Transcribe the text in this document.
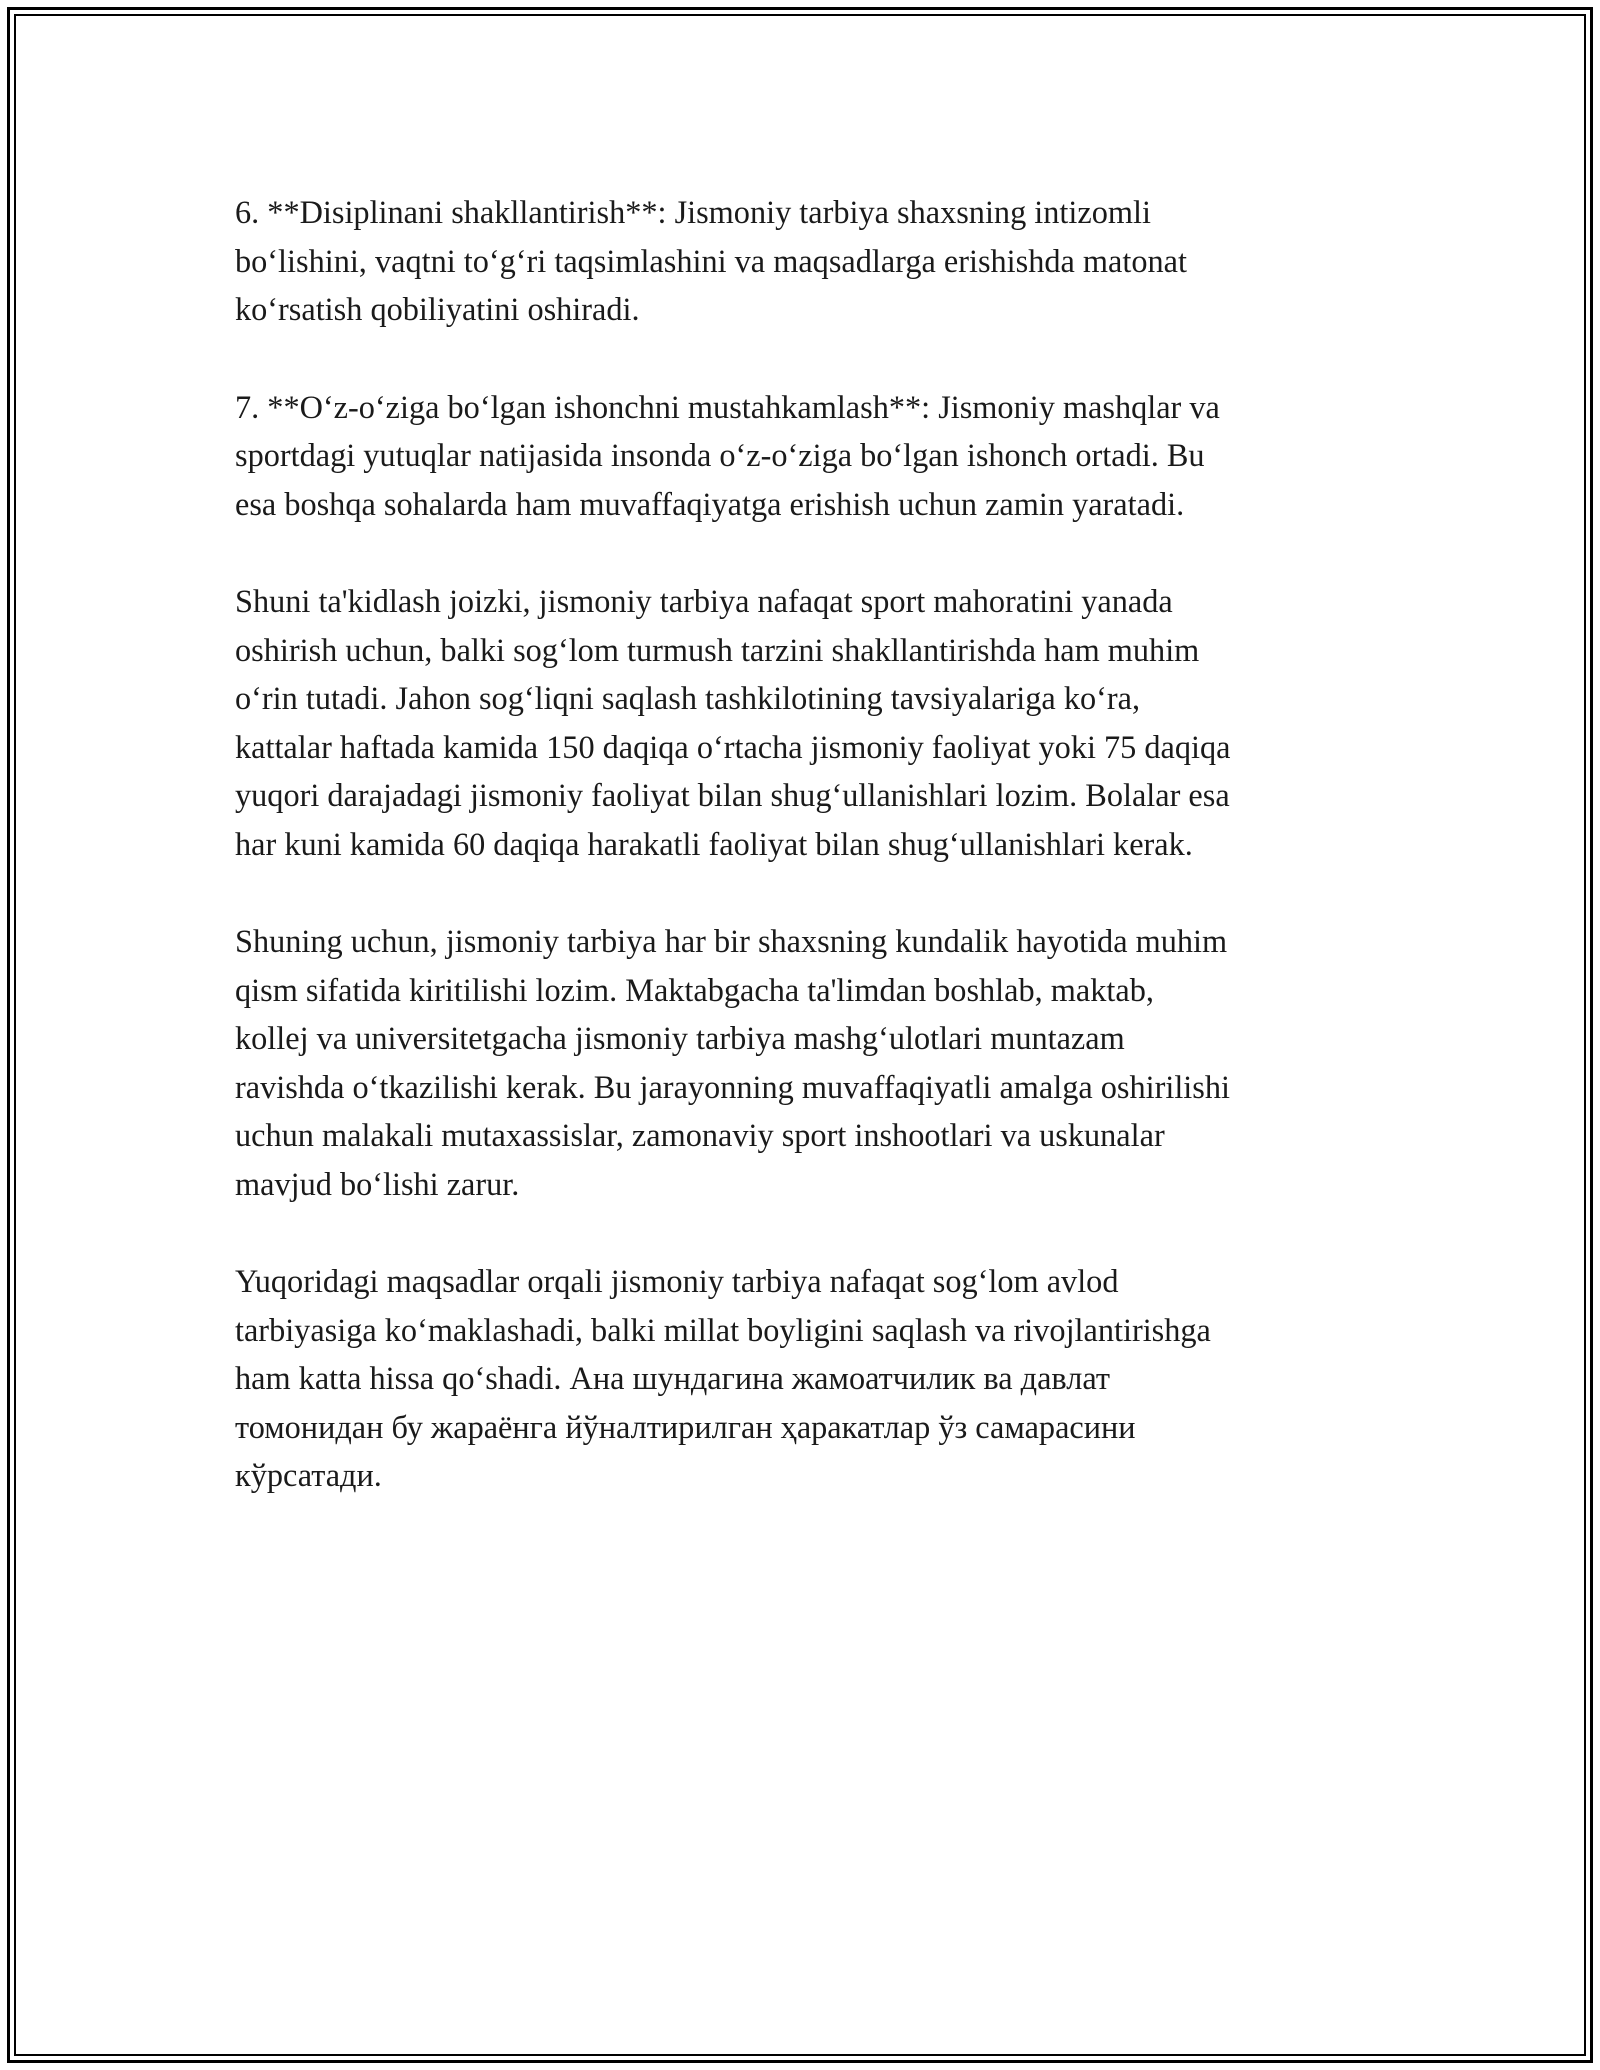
6. **Disiplinani shakllantirish**: Jismoniy tarbiya shaxsning intizomli
boʻlishini, vaqtni toʻgʻri taqsimlashini va maqsadlarga erishishda matonat
koʻrsatish qobiliyatini oshiradi.

7. **Oʻz-oʻziga boʻlgan ishonchni mustahkamlash**: Jismoniy mashqlar va
sportdagi yutuqlar natijasida insonda oʻz-oʻziga boʻlgan ishonch ortadi. Bu
esa boshqa sohalarda ham muvaffaqiyatga erishish uchun zamin yaratadi.

Shuni ta'kidlash joizki, jismoniy tarbiya nafaqat sport mahoratini yanada
oshirish uchun, balki sogʻlom turmush tarzini shakllantirishda ham muhim
oʻrin tutadi. Jahon sogʻliqni saqlash tashkilotining tavsiyalariga koʻra,
kattalar haftada kamida 150 daqiqa oʻrtacha jismoniy faoliyat yoki 75 daqiqa
yuqori darajadagi jismoniy faoliyat bilan shugʻullanishlari lozim. Bolalar esa
har kuni kamida 60 daqiqa harakatli faoliyat bilan shugʻullanishlari kerak.

Shuning uchun, jismoniy tarbiya har bir shaxsning kundalik hayotida muhim
qism sifatida kiritilishi lozim. Maktabgacha ta'limdan boshlab, maktab,
kollej va universitetgacha jismoniy tarbiya mashgʻulotlari muntazam
ravishda oʻtkazilishi kerak. Bu jarayonning muvaffaqiyatli amalga oshirilishi
uchun malakali mutaxassislar, zamonaviy sport inshootlari va uskunalar
mavjud boʻlishi zarur.

Yuqoridagi maqsadlar orqali jismoniy tarbiya nafaqat sogʻlom avlod
tarbiyasiga koʻmaklashadi, balki millat boyligini saqlash va rivojlantirishga
ham katta hissa qoʻshadi. Ана шундагина жамоатчилик ва давлат
томонидан бу жараёнга йўналтирилган ҳаракатлар ўз самарасини
кўрсатади.
